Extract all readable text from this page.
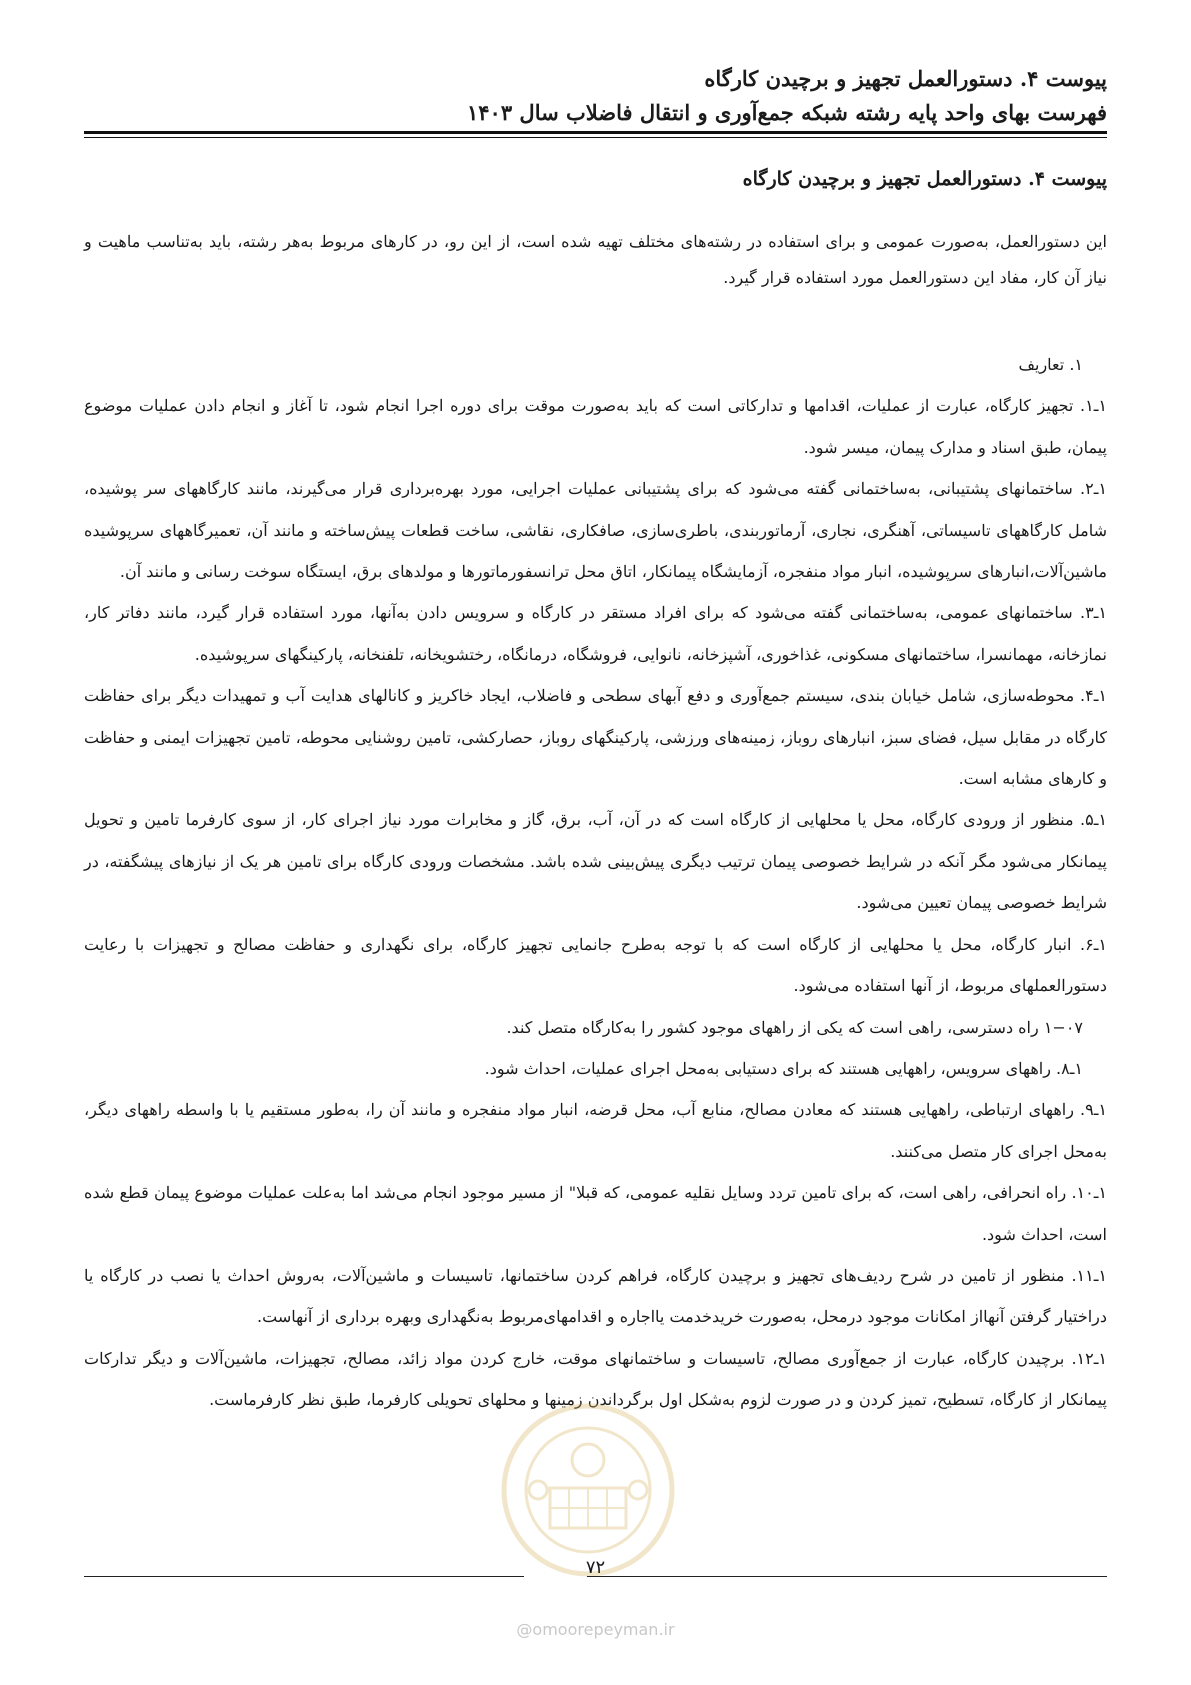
پیوست ۴. دستورالعمل تجهیز و برچیدن کارگاه
فهرست بهای واحد پایه رشته شبکه جمع‌آوری و انتقال فاضلاب سال ۱۴۰۳
پیوست ۴. دستورالعمل تجهیز و برچیدن کارگاه

این دستورالعمل، به‌صورت عمومی و برای استفاده در رشته‌های مختلف تهیه شده است، از این رو، در کارهای مربوط به‌هر رشته، باید به‌تناسب ماهیت و نیاز آن کار، مفاد این دستورالعمل مورد استفاده قرار گیرد.

۱. تعاریف

۱ـ۱. تجهیز کارگاه، عبارت از عملیات، اقدامها و تدارکاتی است که باید به‌صورت موقت برای دوره اجرا انجام شود، تا آغاز و انجام دادن عملیات موضوع پیمان، طبق اسناد و مدارک پیمان، میسر شود.

۱ـ۲. ساختمانهای پشتیبانی، به‌ساختمانی گفته می‌شود که برای پشتیبانی عملیات اجرایی، مورد بهره‌برداری قرار می‌گیرند، مانند کارگاههای سر پوشیده، شامل کارگاههای تاسیساتی، آهنگری، نجاری، آرماتوربندی، باطری‌سازی، صافکاری، نقاشی، ساخت قطعات پیش‌ساخته و مانند آن، تعمیرگاههای سرپوشیده ماشین‌آلات،انبارهای سرپوشیده، انبار مواد منفجره، آزمایشگاه پیمانکار، اتاق محل ترانسفورماتورها و مولدهای برق، ایستگاه سوخت رسانی و مانند آن.

۱ـ۳. ساختمانهای عمومی، به‌ساختمانی گفته می‌شود که برای افراد مستقر در کارگاه و سرویس دادن به‌آنها، مورد استفاده قرار گیرد، مانند دفاتر کار، نمازخانه، مهمانسرا، ساختمانهای مسکونی، غذاخوری، آشپزخانه، نانوایی، فروشگاه، درمانگاه، رختشویخانه، تلفنخانه، پارکینگهای سرپوشیده.

۱ـ۴. محوطه‌سازی، شامل خیابان بندی، سیستم جمع‌آوری و دفع آبهای سطحی و فاضلاب، ایجاد خاکریز و کانالهای هدایت آب و تمهیدات دیگر برای حفاظت کارگاه در مقابل سیل، فضای سبز، انبارهای روباز، زمینه‌های ورزشی، پارکینگهای روباز، حصارکشی، تامین روشنایی محوطه، تامین تجهیزات ایمنی و حفاظت و کارهای مشابه است.

۱ـ۵. منظور از ورودی کارگاه، محل یا محلهایی از کارگاه است که در آن، آب، برق، گاز و مخابرات مورد نیاز اجرای کار، از سوی کارفرما تامین و تحویل پیمانکار می‌شود مگر آنکه در شرایط خصوصی پیمان ترتیب دیگری پیش‌بینی شده باشد. مشخصات ورودی کارگاه برای تامین هر یک از نیازهای پیشگفته، در شرایط خصوصی پیمان تعیین می‌شود.

۱ـ۶. انبار کارگاه، محل یا محلهایی از کارگاه است که با توجه به‌طرح جانمایی تجهیز کارگاه، برای نگهداری و حفاظت مصالح و تجهیزات با رعایت دستورالعملهای مربوط، از آنها استفاده می‌شود.

۱−۰۷ راه دسترسی، راهی است که یکی از راههای موجود کشور را به‌کارگاه متصل کند.

۱ـ۸. راههای سرویس، راههایی هستند که برای دستیابی به‌محل اجرای عملیات، احداث شود.

۱ـ۹. راههای ارتباطی، راههایی هستند که معادن مصالح، منابع آب، محل قرضه، انبار مواد منفجره و مانند آن را، به‌طور مستقیم یا با واسطه راههای دیگر، به‌محل اجرای کار متصل می‌کنند.

۱ـ۱۰. راه انحرافی، راهی است، که برای تامین تردد وسایل نقلیه عمومی، که قبلا" از مسیر موجود انجام می‌شد اما به‌علت عملیات موضوع پیمان قطع شده است، احداث شود.

۱ـ۱۱. منظور از تامین در شرح ردیف‌های تجهیز و برچیدن کارگاه، فراهم کردن ساختمانها، تاسیسات و ماشین‌آلات، به‌روش احداث یا نصب در کارگاه یا دراختیار گرفتن آنهااز امکانات موجود درمحل، به‌صورت خریدخدمت یااجاره و اقدامهای‌مربوط به‌نگهداری وبهره برداری از آنهاست.

۱ـ۱۲. برچیدن کارگاه، عبارت از جمع‌آوری مصالح، تاسیسات و ساختمانهای موقت، خارج کردن مواد زائد، مصالح، تجهیزات، ماشین‌آلات و دیگر تدارکات پیمانکار از کارگاه، تسطیح، تمیز کردن و در صورت لزوم به‌شکل اول برگرداندن زمینها و محلهای تحویلی کارفرما، طبق نظر کارفرماست.

۷۲
@omoorepeyman.ir
